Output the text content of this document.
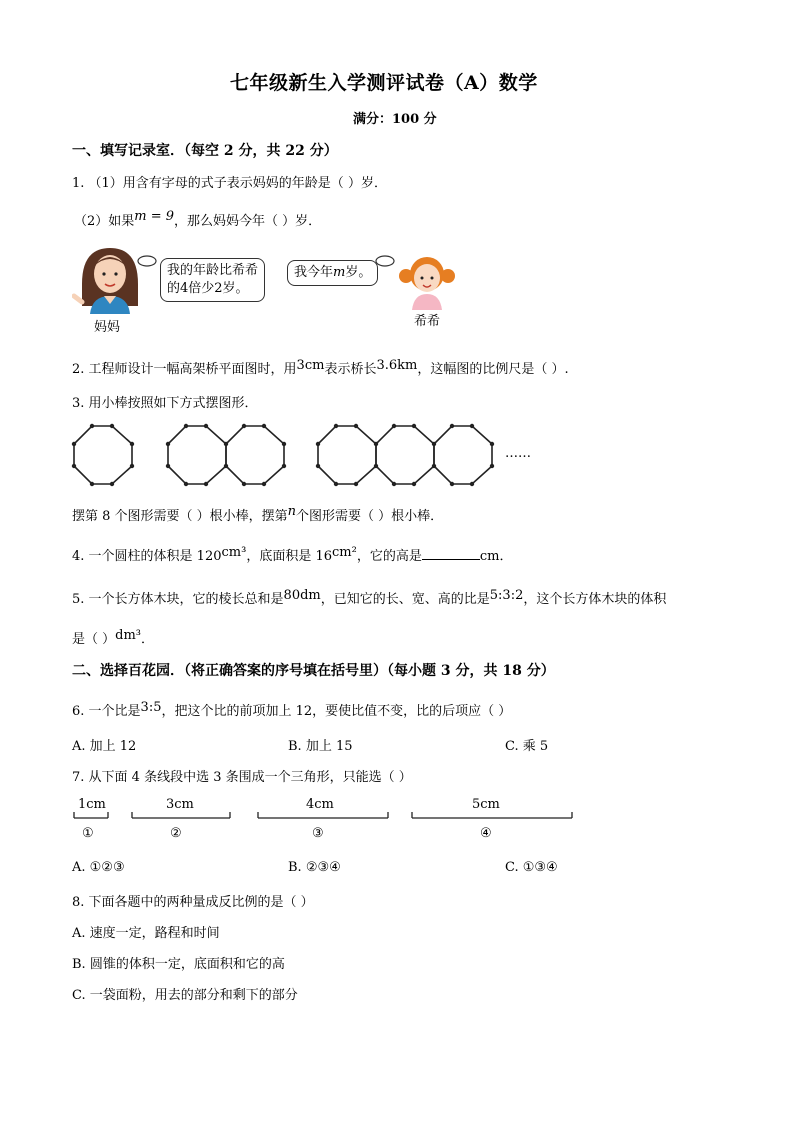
七年级新生入学测评试卷（A）数学
满分：100 分
一、填写记录室．（每空 2 分，共 22 分）
1. （1）用含有字母的式子表示妈妈的年龄是（ ）岁．
（2）如果m = 9，那么妈妈今年（ ）岁．
我的年龄比希希
的4倍少2岁。
妈妈
我今年m岁。
希希
2. 工程师设计一幅高架桥平面图时，用3cm表示桥长3.6km，这幅图的比例尺是（ ）.
3. 用小棒按照如下方式摆图形．
……
摆第 8 个图形需要（ ）根小棒，摆第n个图形需要（ ）根小棒．
4. 一个圆柱的体积是 120cm³，底面积是 16cm²，它的高是	cm．
5. 一个长方体木块，它的棱长总和是80dm，已知它的长、宽、高的比是5:3:2，这个长方体木块的体积
是（ ）dm³．
二、选择百花园．（将正确答案的序号填在括号里）（每小题 3 分，共 18 分）
6. 一个比是3:5，把这个比的前项加上 12，要使比值不变，比的后项应（ ）
A. 加上 12	B. 加上 15	C. 乘 5
7. 从下面 4 条线段中选 3 条围成一个三角形，只能选（ ）
1cm	3cm	4cm	5cm
①	②	③	④
A. ①②③	B. ②③④	C. ①③④
8. 下面各题中的两种量成反比例的是（ ）
A. 速度一定，路程和时间
B. 圆锥的体积一定，底面积和它的高
C. 一袋面粉，用去的部分和剩下的部分
